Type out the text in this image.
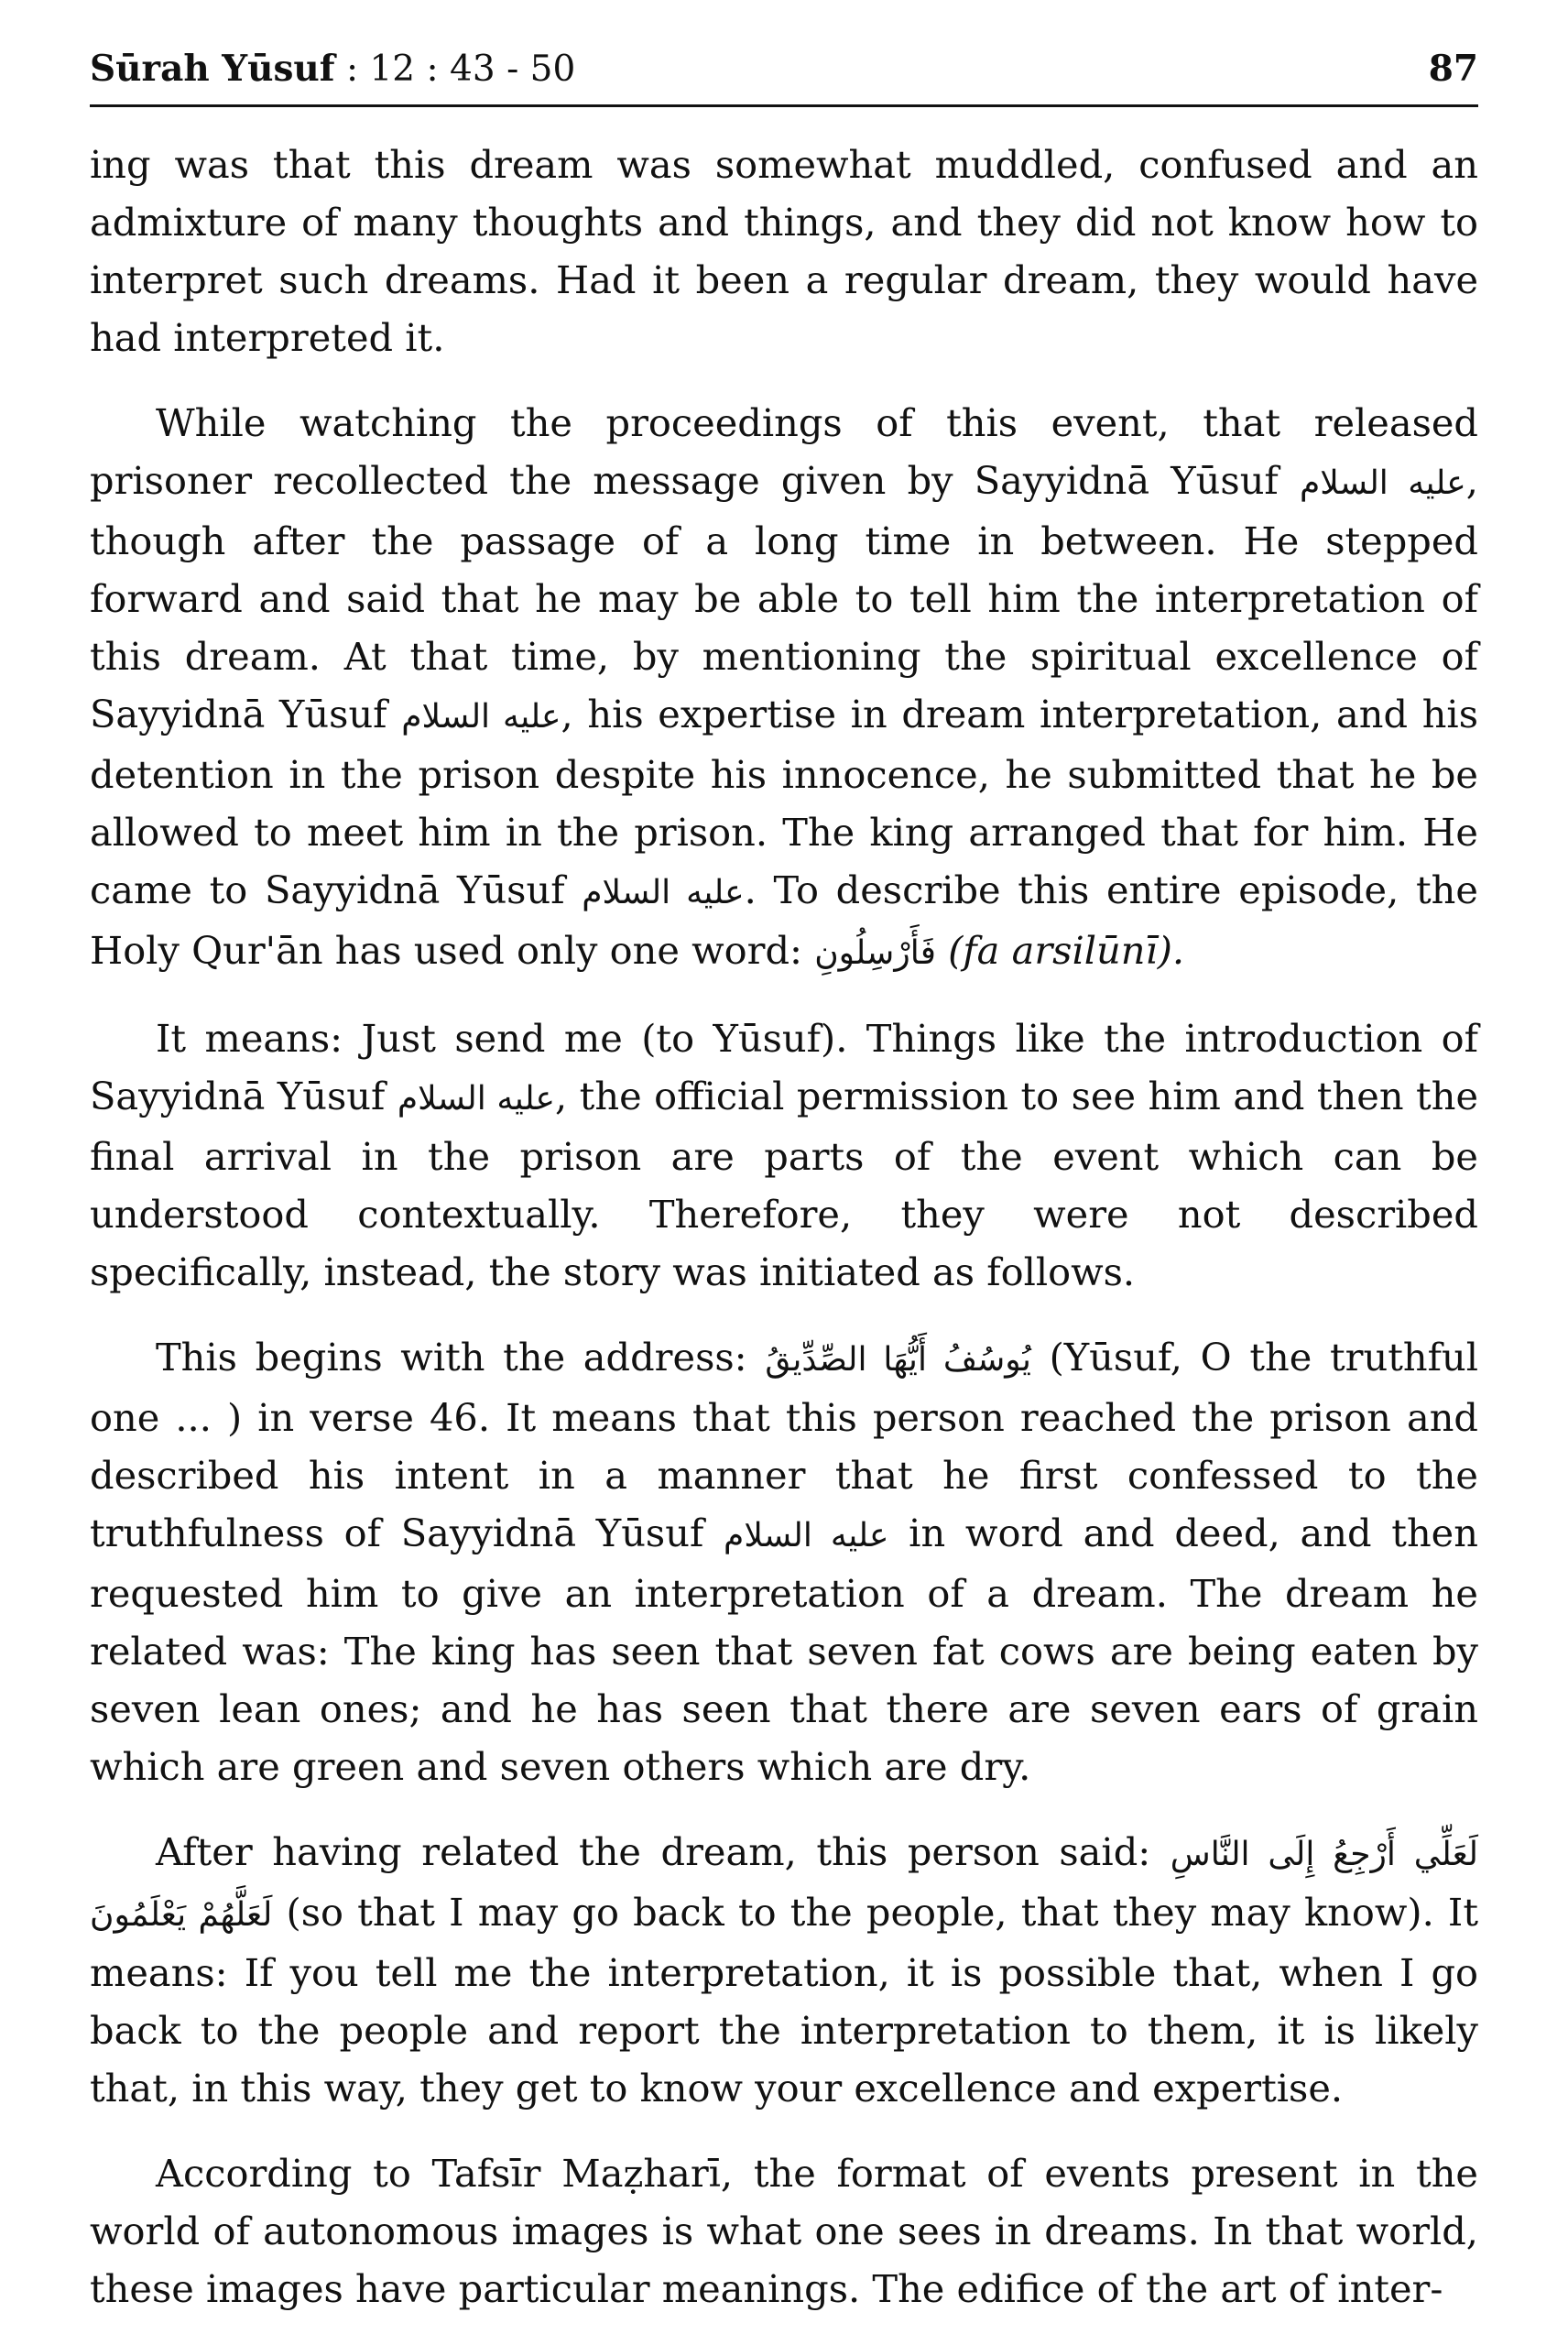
Sūrah Yūsuf : 12 : 43 - 50	87

ing was that this dream was somewhat muddled, confused and an admixture of many thoughts and things, and they did not know how to interpret such dreams. Had it been a regular dream, they would have had interpreted it.

While watching the proceedings of this event, that released prisoner recollected the message given by Sayyidnā Yūsuf عليه السلام, though after the passage of a long time in between. He stepped forward and said that he may be able to tell him the interpretation of this dream. At that time, by mentioning the spiritual excellence of Sayyidnā Yūsuf عليه السلام, his expertise in dream interpretation, and his detention in the prison despite his innocence, he submitted that he be allowed to meet him in the prison. The king arranged that for him. He came to Sayyidnā Yūsuf عليه السلام. To describe this entire episode, the Holy Qur'ān has used only one word: فَأَرْسِلُونِ (fa arsilūnī).

It means: Just send me (to Yūsuf). Things like the introduction of Sayyidnā Yūsuf عليه السلام, the official permission to see him and then the final arrival in the prison are parts of the event which can be understood contextually. Therefore, they were not described specifically, instead, the story was initiated as follows.

This begins with the address: يُوسُفُ أَيُّهَا الصِّدِّيقُ (Yūsuf, O the truthful one ... ) in verse 46. It means that this person reached the prison and described his intent in a manner that he first confessed to the truthfulness of Sayyidnā Yūsuf عليه السلام in word and deed, and then requested him to give an interpretation of a dream. The dream he related was: The king has seen that seven fat cows are being eaten by seven lean ones; and he has seen that there are seven ears of grain which are green and seven others which are dry.

After having related the dream, this person said: لَعَلِّي أَرْجِعُ إِلَى النَّاسِ لَعَلَّهُمْ يَعْلَمُونَ (so that I may go back to the people, that they may know). It means: If you tell me the interpretation, it is possible that, when I go back to the people and report the interpretation to them, it is likely that, in this way, they get to know your excellence and expertise.

According to Tafsīr Maẓharī, the format of events present in the world of autonomous images is what one sees in dreams. In that world, these images have particular meanings. The edifice of the art of inter-
